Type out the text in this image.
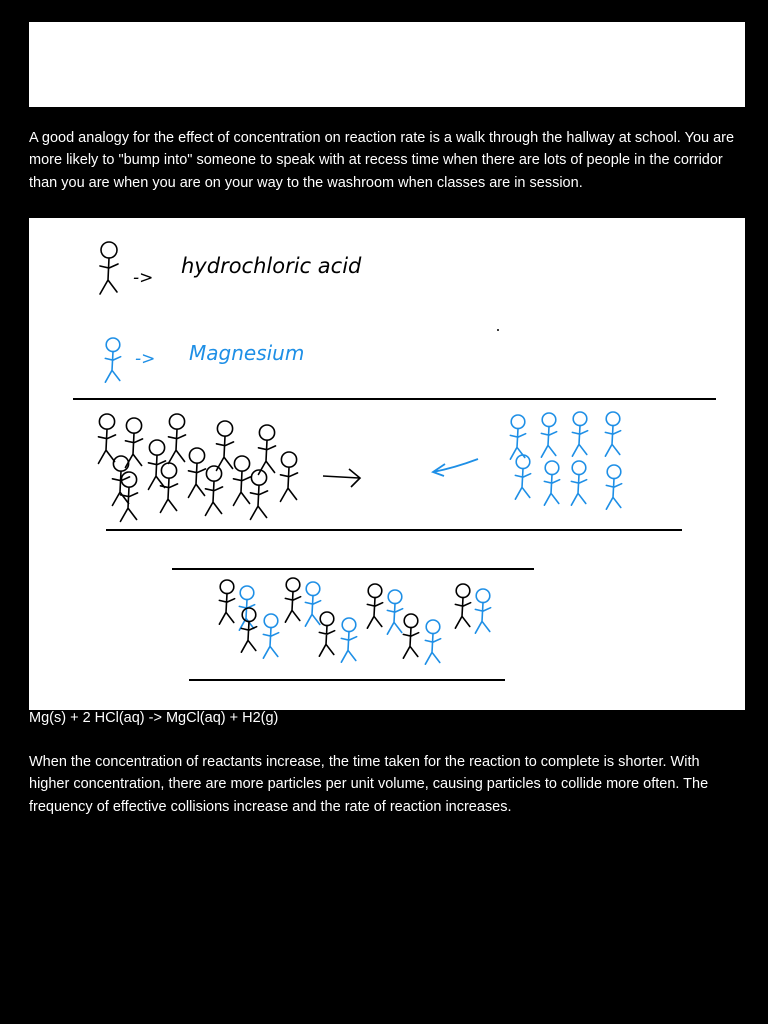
A good analogy for the effect of concentration on reaction rate is a walk through the hallway at school. You are more likely to "bump into" someone to speak with at recess time when there are lots of people in the corridor than you are when you are on your way to the washroom when classes are in session.

-> hydrochloric acid
-> Magnesium
Mg(s) + 2 HCl(aq) -> MgCl(aq) + H2(g)

When the concentration of reactants increase, the time taken for the reaction to complete is shorter. With higher concentration, there are more particles per unit volume, causing particles to collide more often. The frequency of effective collisions increase and the rate of reaction increases.
